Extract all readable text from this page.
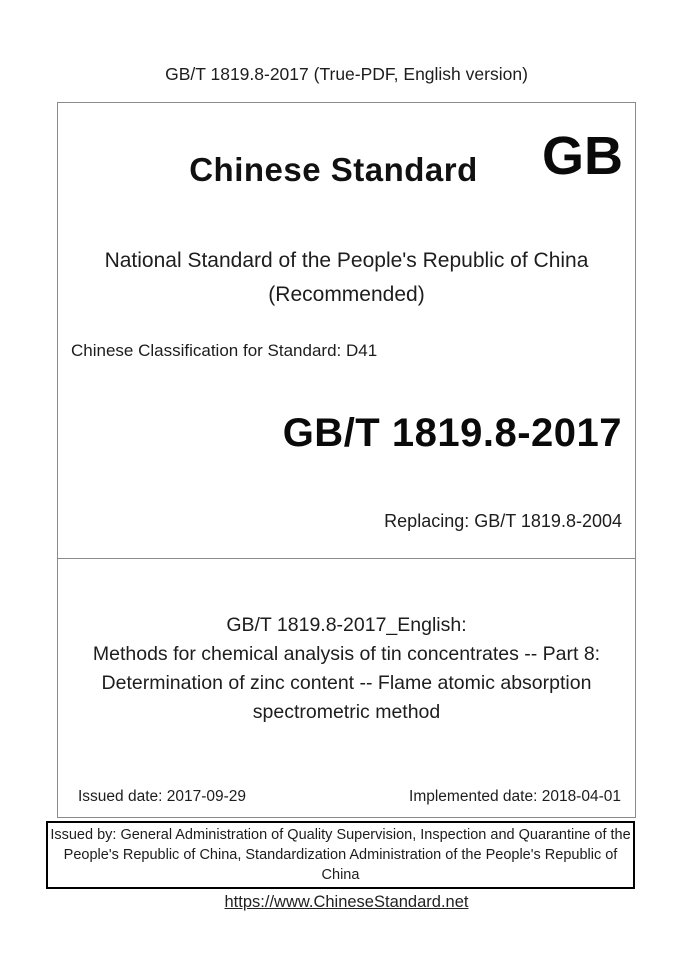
GB/T 1819.8-2017 (True-PDF, English version)
Chinese Standard	GB
National Standard of the People's Republic of China
(Recommended)
Chinese Classification for Standard: D41
GB/T 1819.8-2017
Replacing: GB/T 1819.8-2004
GB/T 1819.8-2017_English:
Methods for chemical analysis of tin concentrates -- Part 8:
Determination of zinc content -- Flame atomic absorption
spectrometric method
Issued date: 2017-09-29	Implemented date: 2018-04-01
Issued by: General Administration of Quality Supervision, Inspection and Quarantine of the People's Republic of China, Standardization Administration of the People's Republic of China
https://www.ChineseStandard.net
